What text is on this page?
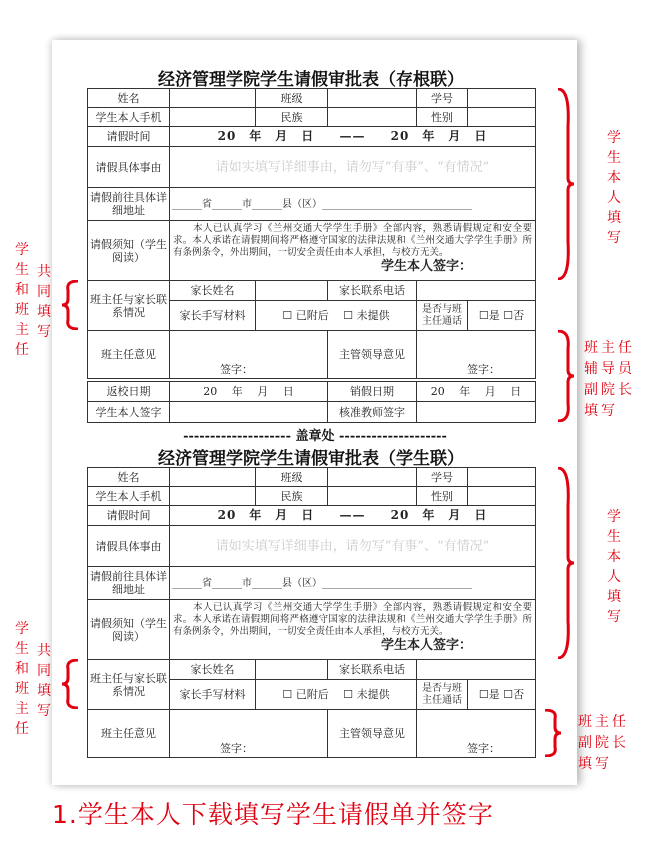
-------------------- 盖章处 --------------------
1.学生本人下载填写学生请假单并签字
经济管理学院学生请假审批表（存根联）
姓名		班级		学号	
学生本人手机		民族		性别	
请假时间	20　年　月　日 —— 20　年　月　日				
请假具体事由	请如实填写详细事由，请勿写“有事”、“有情况”				
请假前往具体详细地址	______省______市______县（区）______________________________				
请假须知（学生阅读）	　　本人已认真学习《兰州交通大学学生手册》全部内容，熟悉请假规定和安全要求。本人承诺在请假期间将严格遵守国家的法律法规和《兰州交通大学学生手册》所有条例条令，外出期间，一切安全责任由本人承担，与校方无关。
学生本人签字：				

班主任与家长联系情况	家长姓名		家长联系电话		
	家长手写材料	☐ 已附后　 ☐ 未提供		是否与班主任通话	☐是 ☐否
班主任意见	签字：		主管领导意见	签字：	
返校日期	20　 年　 月　 日	销假日期	20　 年　 月　 日
学生本人签字		核准教师签字	
经济管理学院学生请假审批表（学生联）
姓名		班级		学号	
学生本人手机		民族		性别	
请假时间	20　年　月　日 —— 20　年　月　日				
请假具体事由	请如实填写详细事由，请勿写“有事”、“有情况”				
请假前往具体详细地址	______省______市______县（区）______________________________				
请假须知（学生阅读）	　　本人已认真学习《兰州交通大学学生手册》全部内容，熟悉请假规定和安全要求。本人承诺在请假期间将严格遵守国家的法律法规和《兰州交通大学学生手册》所有条例条令，外出期间，一切安全责任由本人承担，与校方无关。
学生本人签字：				

班主任与家长联系情况	家长姓名		家长联系电话		
	家长手写材料	☐ 已附后　 ☐ 未提供		是否与班主任通话	☐是 ☐否
班主任意见	签字：		主管领导意见	签字：	
学生本人填写
班主任
辅导员
副院长
填写
学生和班主任
共同填写
学生本人填写
学生和班主任
共同填写
班主任
副院长
填写
